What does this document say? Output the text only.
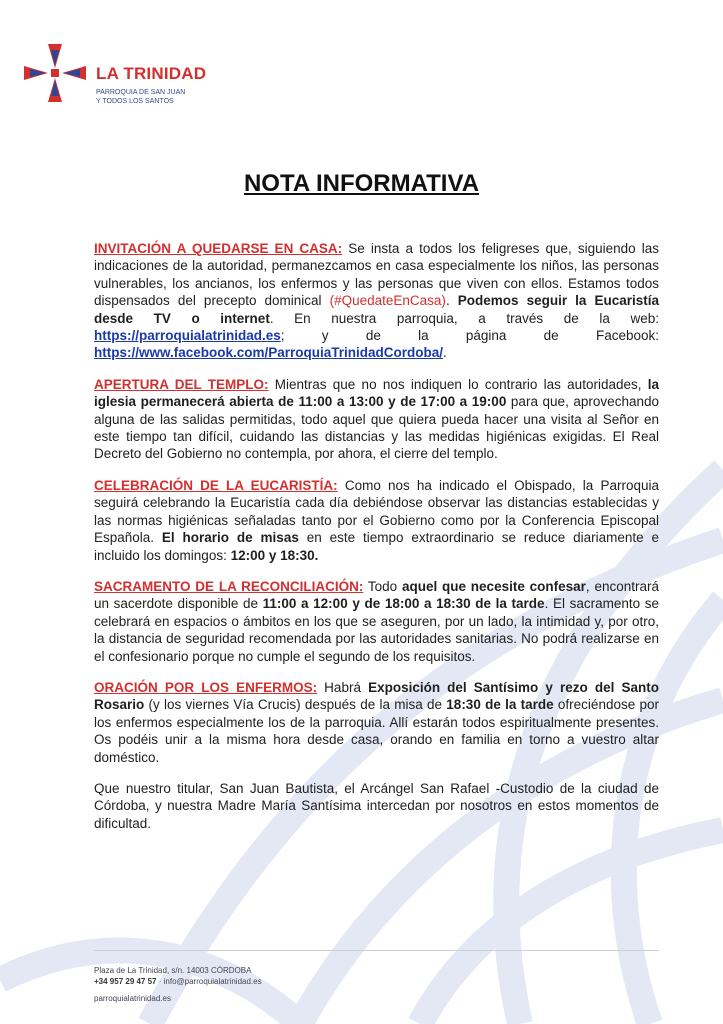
LA TRINIDAD
PARROQUIA DE SAN JUAN
Y TODOS LOS SANTOS
NOTA INFORMATIVA

INVITACIÓN A QUEDARSE EN CASA: Se insta a todos los feligreses que, siguiendo las indicaciones de la autoridad, permanezcamos en casa especialmente los niños, las personas vulnerables, los ancianos, los enfermos y las personas que viven con ellos. Estamos todos dispensados del precepto dominical (#QuedateEnCasa). Podemos seguir la Eucaristía desde TV o internet. En nuestra parroquia, a través de la web: https://parroquialatrinidad.es; y de la página de Facebook: https://www.facebook.com/ParroquiaTrinidadCordoba/.

APERTURA DEL TEMPLO: Mientras que no nos indiquen lo contrario las autoridades, la iglesia permanecerá abierta de 11:00 a 13:00 y de 17:00 a 19:00 para que, aprovechando alguna de las salidas permitidas, todo aquel que quiera pueda hacer una visita al Señor en este tiempo tan difícil, cuidando las distancias y las medidas higiénicas exigidas. El Real Decreto del Gobierno no contempla, por ahora, el cierre del templo.

CELEBRACIÓN DE LA EUCARISTÍA: Como nos ha indicado el Obispado, la Parroquia seguirá celebrando la Eucaristía cada día debiéndose observar las distancias establecidas y las normas higiénicas señaladas tanto por el Gobierno como por la Conferencia Episcopal Española. El horario de misas en este tiempo extraordinario se reduce diariamente e incluido los domingos: 12:00 y 18:30.

SACRAMENTO DE LA RECONCILIACIÓN: Todo aquel que necesite confesar, encontrará un sacerdote disponible de 11:00 a 12:00 y de 18:00 a 18:30 de la tarde. El sacramento se celebrará en espacios o ámbitos en los que se aseguren, por un lado, la intimidad y, por otro, la distancia de seguridad recomendada por las autoridades sanitarias. No podrá realizarse en el confesionario porque no cumple el segundo de los requisitos.

ORACIÓN POR LOS ENFERMOS: Habrá Exposición del Santísimo y rezo del Santo Rosario (y los viernes Vía Crucis) después de la misa de 18:30 de la tarde ofreciéndose por los enfermos especialmente los de la parroquia. Allí estarán todos espiritualmente presentes. Os podéis unir a la misma hora desde casa, orando en familia en torno a vuestro altar doméstico.

Que nuestro titular, San Juan Bautista, el Arcángel San Rafael -Custodio de la ciudad de Córdoba, y nuestra Madre María Santísima intercedan por nosotros en estos momentos de dificultad.

Plaza de La Trinidad, s/n. 14003 CÓRDOBA
+34 957 29 47 57 · info@parroquialatrinidad.es
parroquialatrinidad.es
